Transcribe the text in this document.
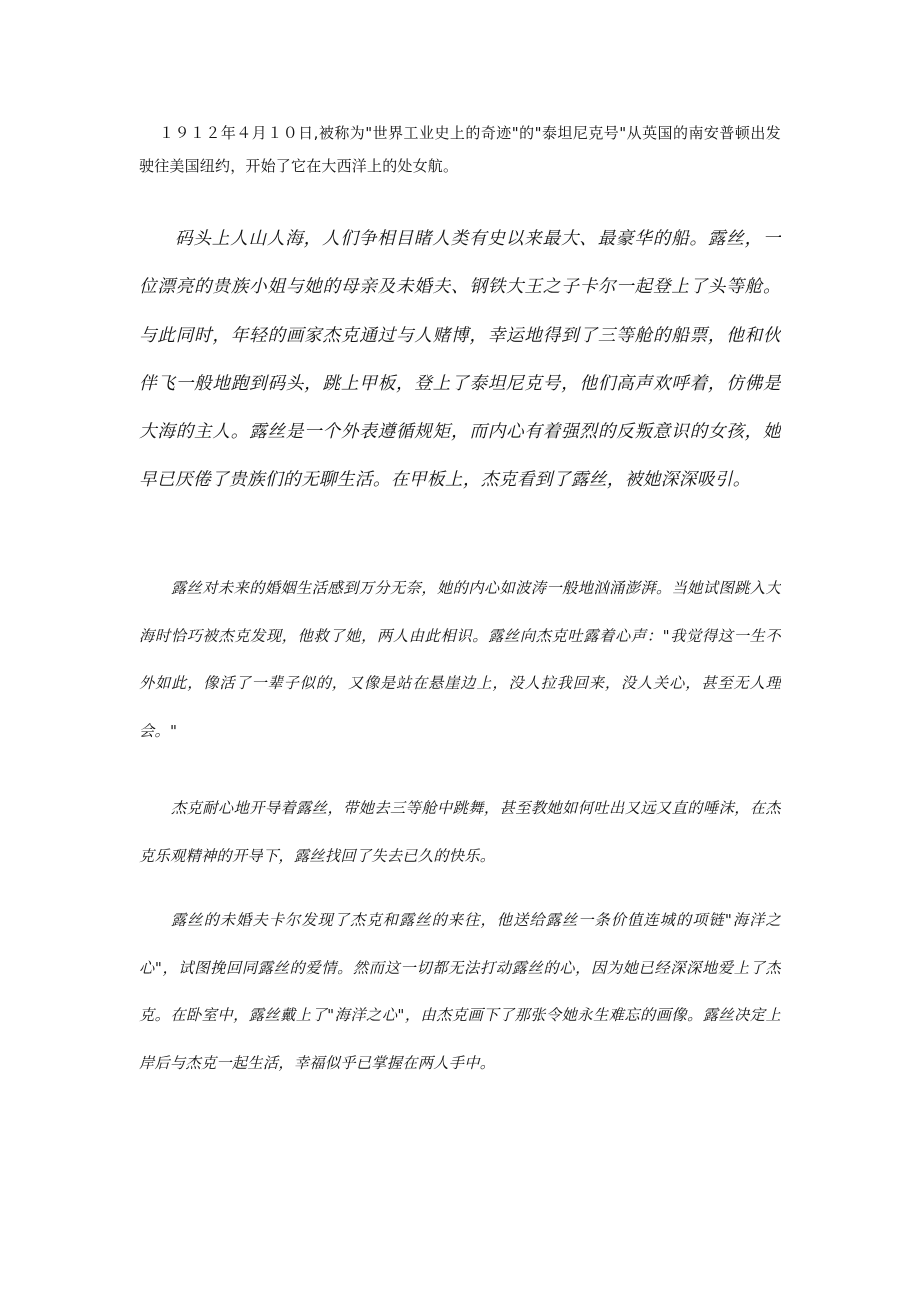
１９１２年４月１０日,被称为"世界工业史上的奇迹"的"泰坦尼克号"从英国的南安普顿出发驶往美国纽约，开始了它在大西洋上的处女航。

码头上人山人海，人们争相目睹人类有史以来最大、最豪华的船。露丝，一位漂亮的贵族小姐与她的母亲及未婚夫、钢铁大王之子卡尔一起登上了头等舱。与此同时，年轻的画家杰克通过与人赌博，幸运地得到了三等舱的船票，他和伙伴飞一般地跑到码头，跳上甲板，登上了泰坦尼克号，他们高声欢呼着，仿佛是大海的主人。露丝是一个外表遵循规矩，而内心有着强烈的反叛意识的女孩，她早已厌倦了贵族们的无聊生活。在甲板上，杰克看到了露丝，被她深深吸引。

露丝对未来的婚姻生活感到万分无奈，她的内心如波涛一般地汹涌澎湃。当她试图跳入大海时恰巧被杰克发现，他救了她，两人由此相识。露丝向杰克吐露着心声："我觉得这一生不外如此，像活了一辈子似的，又像是站在悬崖边上，没人拉我回来，没人关心，甚至无人理会。"

杰克耐心地开导着露丝，带她去三等舱中跳舞，甚至教她如何吐出又远又直的唾沫，在杰克乐观精神的开导下，露丝找回了失去已久的快乐。

露丝的未婚夫卡尔发现了杰克和露丝的来往，他送给露丝一条价值连城的项链"海洋之心"，试图挽回同露丝的爱情。然而这一切都无法打动露丝的心，因为她已经深深地爱上了杰克。在卧室中，露丝戴上了"海洋之心"，由杰克画下了那张令她永生难忘的画像。露丝决定上岸后与杰克一起生活，幸福似乎已掌握在两人手中。
